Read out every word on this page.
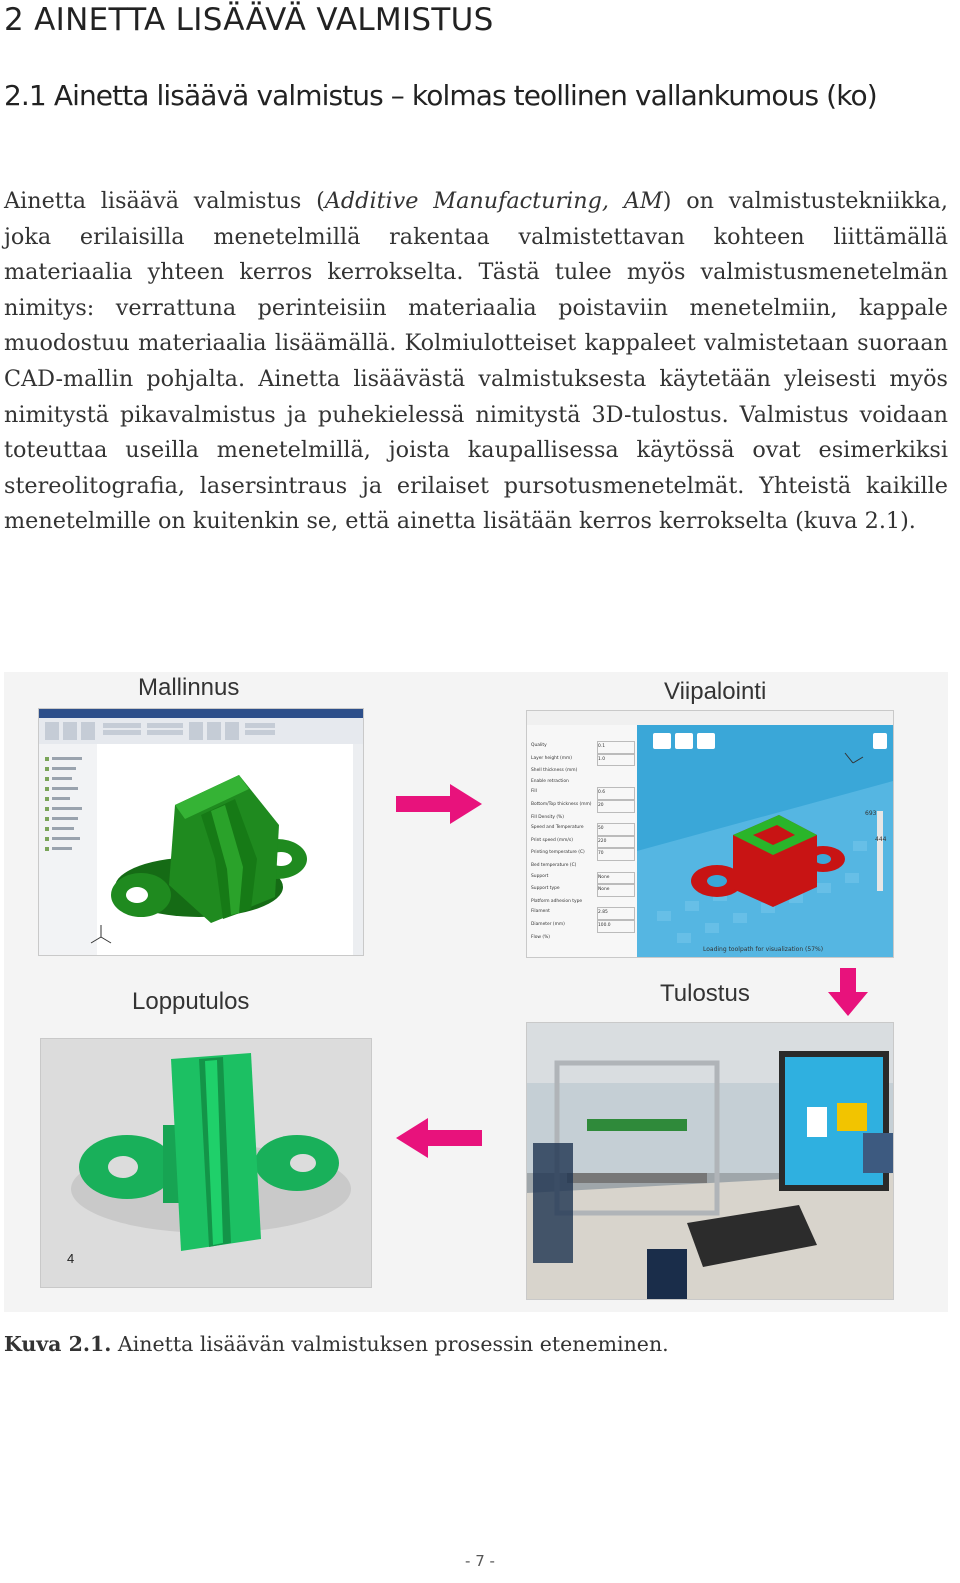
2 AINETTA LISÄÄVÄ VALMISTUS
2.1 Ainetta lisäävä valmistus – kolmas teollinen vallankumous (ko)
Ainetta lisäävä valmistus (Additive Manufacturing, AM) on valmistustekniikka, joka erilaisilla menetelmillä rakentaa valmistettavan kohteen liittämällä materiaalia yhteen kerros kerrokselta. Tästä tulee myös valmistusmenetelmän nimitys: verrattuna perinteisiin materiaalia poistaviin menetelmiin, kappale muodostuu materiaalia lisäämällä. Kolmiulotteiset kappaleet valmistetaan suoraan CAD-mallin pohjalta. Ainetta lisäävästä valmistuksesta käytetään yleisesti myös nimitystä pikavalmistus ja puhekielessä nimitystä 3D-tulostus. Valmistus voidaan toteuttaa useilla menetelmillä, joista kaupallisessa käytössä ovat esimerkiksi stereolitografia, lasersintraus ja erilaiset pursotusmenetelmät. Yhteistä kaikille menetelmille on kuitenkin se, että ainetta lisätään kerros kerrokselta (kuva 2.1).
Mallinnus	Viipalointi
693
444
Loading toolpath for visualization (57%)
Quality	0.1
Layer height (mm)	1.0
Shell thickness (mm)
Enable retraction
Fill	0.6
Bottom/Top thickness (mm) 20
Fill Density (%)
Speed and Temperature	50
Print speed (mm/s)	220
Printing temperature (C)	70
Bed temperature (C)
Support	None
Support type	None
Platform adhesion type
Filament	2.85
Diameter (mm)	100.0
Flow (%)
Lopputulos
4
Tulostus
Kuva 2.1. Ainetta lisäävän valmistuksen prosessin eteneminen.
- 7 -
